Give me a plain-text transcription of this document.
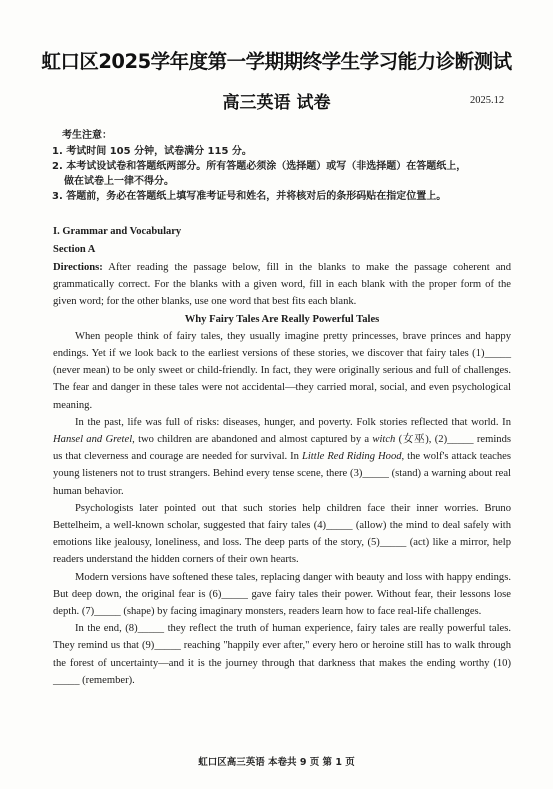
虹口区2025学年度第一学期期终学生学习能力诊断测试
高三英语 试卷	2025.12
考生注意：
1. 考试时间 105 分钟，试卷满分 115 分。
2. 本考试设试卷和答题纸两部分。所有答题必须涂（选择题）或写（非选择题）在答题纸上，
做在试卷上一律不得分。
3. 答题前，务必在答题纸上填写准考证号和姓名，并将核对后的条形码贴在指定位置上。
I. Grammar and Vocabulary
Section A

Directions: After reading the passage below, fill in the blanks to make the passage coherent and grammatically correct. For the blanks with a given word, fill in each blank with the proper form of the given word; for the other blanks, use one word that best fits each blank.

Why Fairy Tales Are Really Powerful Tales

When people think of fairy tales, they usually imagine pretty princesses, brave princes and happy endings. Yet if we look back to the earliest versions of these stories, we discover that fairy tales (1)_____ (never mean) to be only sweet or child-friendly. In fact, they were originally serious and full of challenges. The fear and danger in these tales were not accidental—they carried moral, social, and even psychological meaning.

In the past, life was full of risks: diseases, hunger, and poverty. Folk stories reflected that world. In Hansel and Gretel, two children are abandoned and almost captured by a witch (女巫), (2)_____ reminds us that cleverness and courage are needed for survival. In Little Red Riding Hood, the wolf's attack teaches young listeners not to trust strangers. Behind every tense scene, there (3)_____ (stand) a warning about real human behavior.

Psychologists later pointed out that such stories help children face their inner worries. Bruno Bettelheim, a well-known scholar, suggested that fairy tales (4)_____ (allow) the mind to deal safely with emotions like jealousy, loneliness, and loss. The deep parts of the story, (5)_____ (act) like a mirror, help readers understand the hidden corners of their own hearts.

Modern versions have softened these tales, replacing danger with beauty and loss with happy endings. But deep down, the original fear is (6)_____ gave fairy tales their power. Without fear, their lessons lose depth. (7)_____ (shape) by facing imaginary monsters, readers learn how to face real-life challenges.

In the end, (8)_____ they reflect the truth of human experience, fairy tales are really powerful tales. They remind us that (9)_____ reaching "happily ever after," every hero or heroine still has to walk through the forest of uncertainty—and it is the journey through that darkness that makes the ending worthy (10) _____ (remember).

虹口区高三英语 本卷共 9 页 第 1 页
